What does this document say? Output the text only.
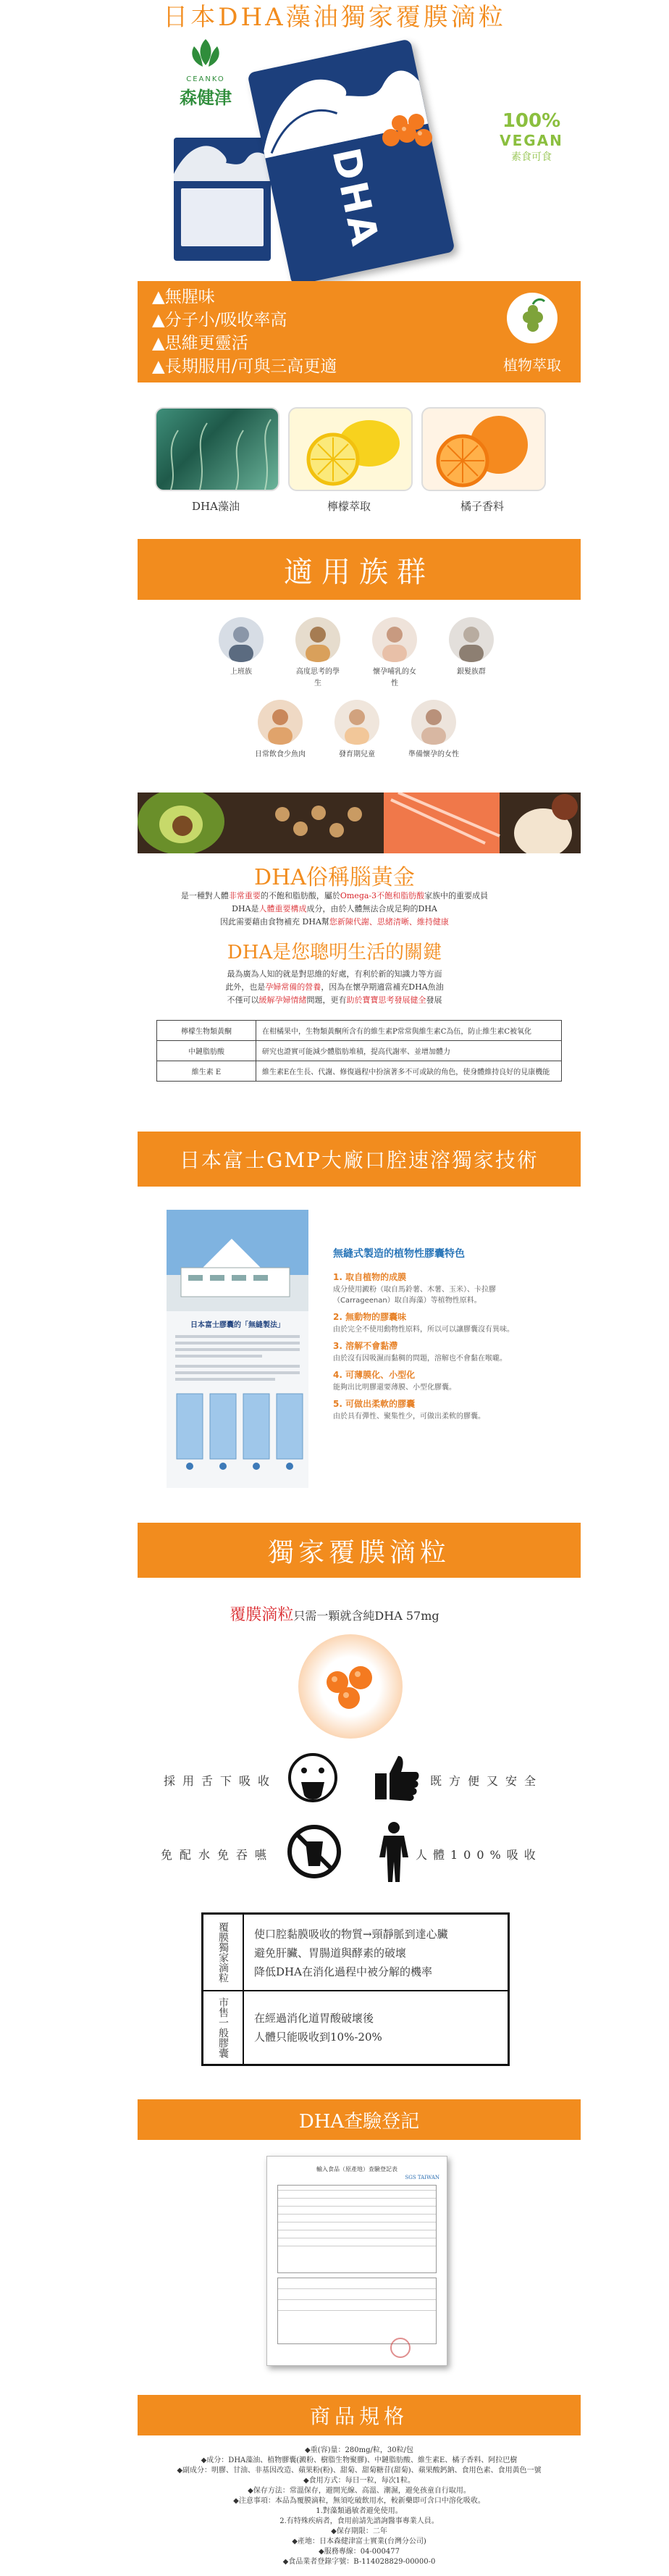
日本DHA藻油獨家覆膜滴粒
CEANKO
森健津
DHA
100%
VEGAN
素食可食
▲無腥味
▲分子小/吸收率高
▲思維更靈活
▲長期服用/可與三高更適	植物萃取
DHA藻油	檸檬萃取	橘子香料
適用族群
上班族	高度思考的學生
懷孕哺乳的女性
銀髮族群
日常飲食少魚肉	發育期兒童	準備懷孕的女性
DHA俗稱腦黃金
是一種對人體非常重要的不飽和脂肪酸，屬於Omega-3不飽和脂肪酸家族中的重要成員
DHA是人體重要構成成分，由於人體無法合成足夠的DHA
因此需要藉由食物補充 DHA幫您新陳代謝、思緒清晰、維持健康
DHA是您聰明生活的關鍵
最為廣為人知的就是對思維的好處，有利於新的知識力等方面
此外，也是孕婦常備的營養，因為在懷孕期適當補充DHA魚油
不僅可以緩解孕婦情緒問題，更有助於寶寶思考發展健全發展
檸檬生物類黃酮	在柑橘果中，生物類黃酮所含有的維生素P常常與維生素C為伍，防止維生素C被氧化
中鏈脂肪酸	研究也證實可能減少體脂肪堆積，提高代謝率、並增加體力
維生素 E	維生素E在生長、代謝、修復過程中扮演著多不可或缺的角色，使身體維持良好的見康機能
日本富士GMP大廠口腔速溶獨家技術
日本富士膠囊的「無縫製法」
無縫式製造的植物性膠囊特色
1. 取自植物的成膜
成分使用澱粉（取自馬鈴薯、木薯、玉米）、卡拉膠（Carrageenan）取自海藻）等植物性原料。
2. 無動物的膠囊味
由於完全不使用動物性原料，所以可以讓膠囊沒有異味。
3. 溶解不會黏滯
由於沒有因吸濕而黏稠的問題，溶解也不會黏在喉嚨。
4. 可薄膜化、小型化
能夠出比明膠還要薄膜、小型化膠囊。
5. 可做出柔軟的膠囊
由於具有彈性、聚集性少，可做出柔軟的膠囊。
獨家覆膜滴粒
覆膜滴粒只需一顆就含純DHA 57mg
採用舌下吸收	既方便又安全
免配水免吞嚥	人體100%吸收
覆膜獨家滴粒 使口腔黏膜吸收的物質→頸靜脈到達心臟
避免肝臟、胃腸道與酵素的破壞
降低DHA在消化過程中被分解的機率
市售一般膠囊 在經過消化道胃酸破壞後
人體只能吸收到10%-20%
DHA查驗登記
輸入食品（原產地）查驗登記表
SGS TAIWAN
商品規格
◆重(容)量：280mg/粒，30粒/包
◆成分：DHA藻油、植物膠囊(澱粉、樹脂生物聚膠)、中鏈脂肪酸、維生素E、橘子香料、阿拉巴樹
◆副成分：明膠、甘油、非基因改造、蘋果粉(粉)、甜菊、甜菊糖苷(甜菊)、蘋果酸鈣鈉、食用色素、食用黃色一號
◆食用方式：每日一粒，每次1粒。
◆保存方法：常溫保存，避開光線、高溫、潮濕，避免孩童自行取用。
◆注意事項：本品為覆膜滴粒，無須吃破飲用水，較新藥即可含口中溶化吸收。
1.對藻類過敏者避免使用。
2.有特殊疾病者，食用前請先諮詢醫事專業人員。
◆保存期限：二年
◆產地：日本森健津富士實業(台灣分公司)
◆服務專線：04-000477
◆食品業者登錄字號：B-114028829-00000-0
